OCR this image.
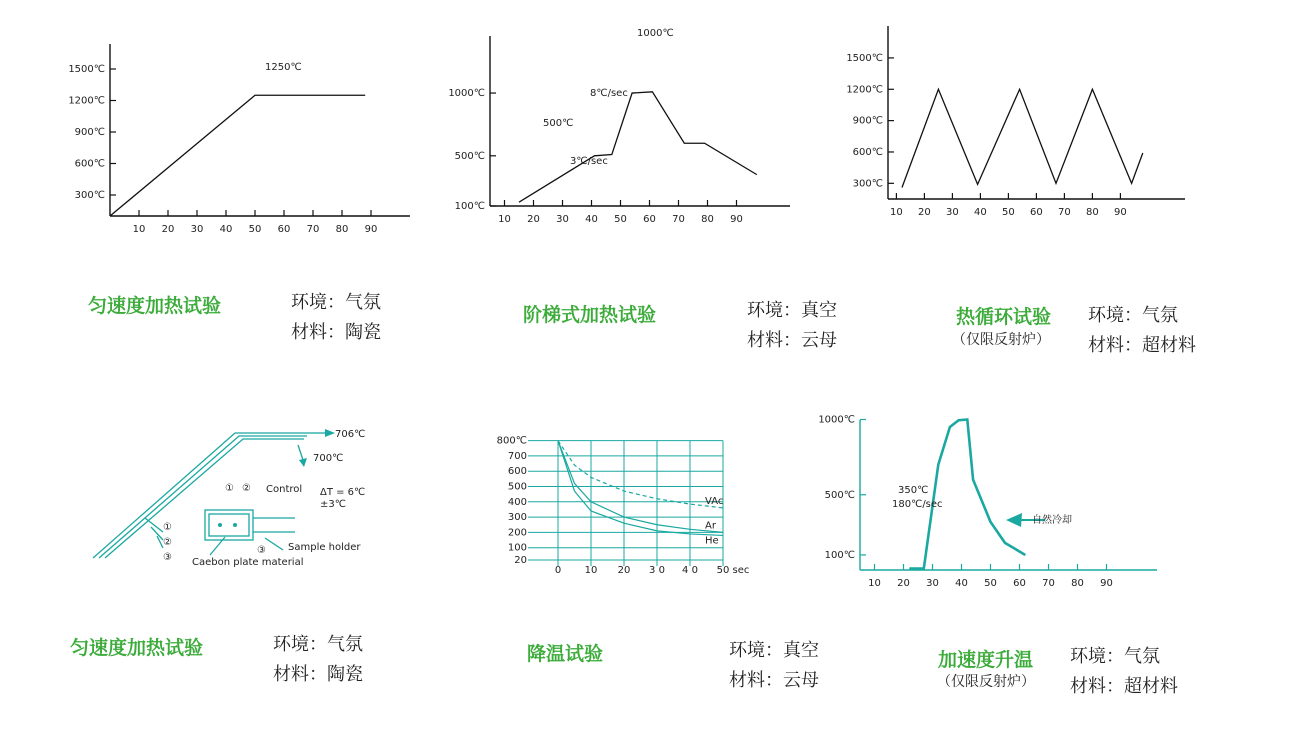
10 20 30 40 50 60 70 80 90
300℃
600℃
900℃
1200℃
1500℃	1250℃
匀速度加热试验	环境：气氛
材料：陶瓷
10 20 30 40 50 60 70 80 90
100℃
500℃
1000℃
1000℃
8℃/sec
500℃
3℃/sec
阶梯式加热试验	环境：真空
材料：云母
10 20 30 40 50 60 70 80 90
300℃
600℃
900℃
1200℃
1500℃
热循环试验
（仅限反射炉）
环境：气氛
材料：超材料
706℃
700℃
ΔT = 6℃
±3℃
Control
Sample holder
Caebon plate material
① ②
③
①
②
③
匀速度加热试验	环境：气氛
材料：陶瓷
20
100
200
300
400
500
600
700
800℃
0 10 20 3 0 4 0 50 sec
VAc
Ar
He
降温试验	环境：真空
材料：云母
10 20 30 40 50 60 70 80 90
100℃
500℃
1000℃
350℃
180℃/sec
自然冷却
加速度升温
（仅限反射炉）
环境：气氛
材料：超材料
